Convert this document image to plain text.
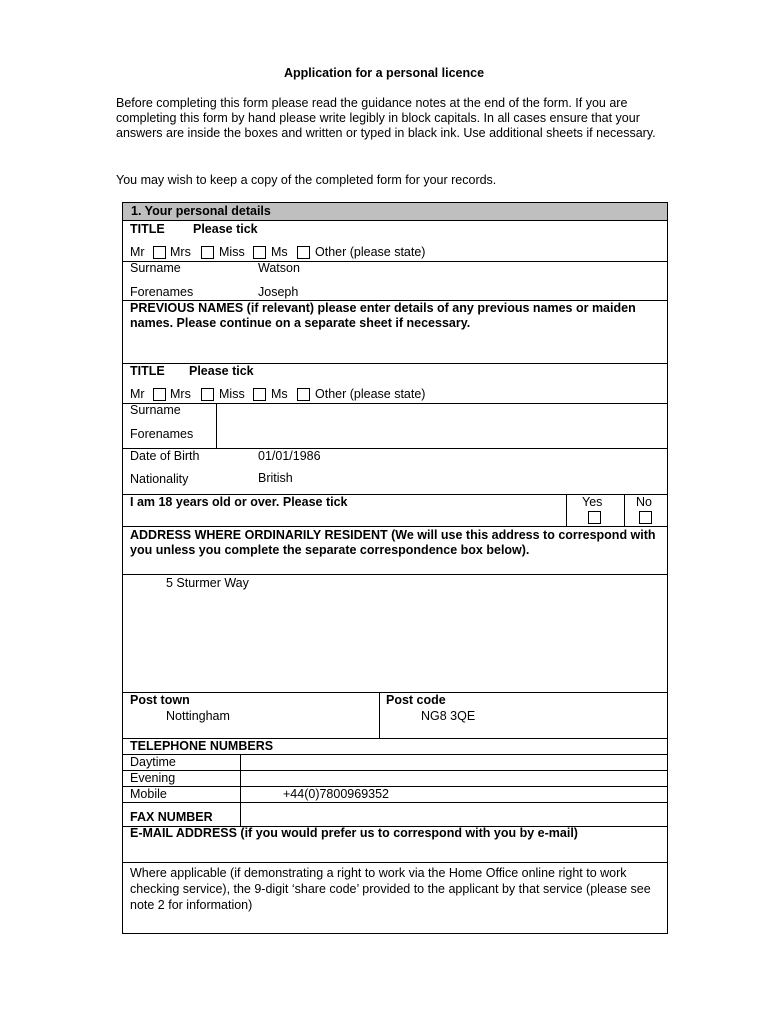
Application for a personal licence

Before completing this form please read the guidance notes at the end of the form. If you are completing this form by hand please write legibly in block capitals. In all cases ensure that your answers are inside the boxes and written or typed in black ink. Use additional sheets if necessary.

You may wish to keep a copy of the completed form for your records.

1. Your personal details
TITLE Please tick
Mr Mrs Miss Ms Other (please state)
Surname	Watson
Forenames	Joseph
PREVIOUS NAMES (if relevant) please enter details of any previous names or maiden names. Please continue on a separate sheet if necessary.
TITLE Please tick
Mr Mrs Miss Ms Other (please state)
Surname
Forenames
Date of Birth	01/01/1986
Nationality	British
I am 18 years old or over. Please tick	Yes	No
ADDRESS WHERE ORDINARILY RESIDENT (We will use this address to correspond with you unless you complete the separate correspondence box below).
5 Sturmer Way
Post town
Nottingham
Post code
NG8 3QE
TELEPHONE NUMBERS
Daytime
Evening
Mobile	+44(0)7800969352
FAX NUMBER
E-MAIL ADDRESS (if you would prefer us to correspond with you by e-mail)
Where applicable (if demonstrating a right to work via the Home Office online right to work checking service), the 9-digit ‘share code’ provided to the applicant by that service (please see note 2 for information)
